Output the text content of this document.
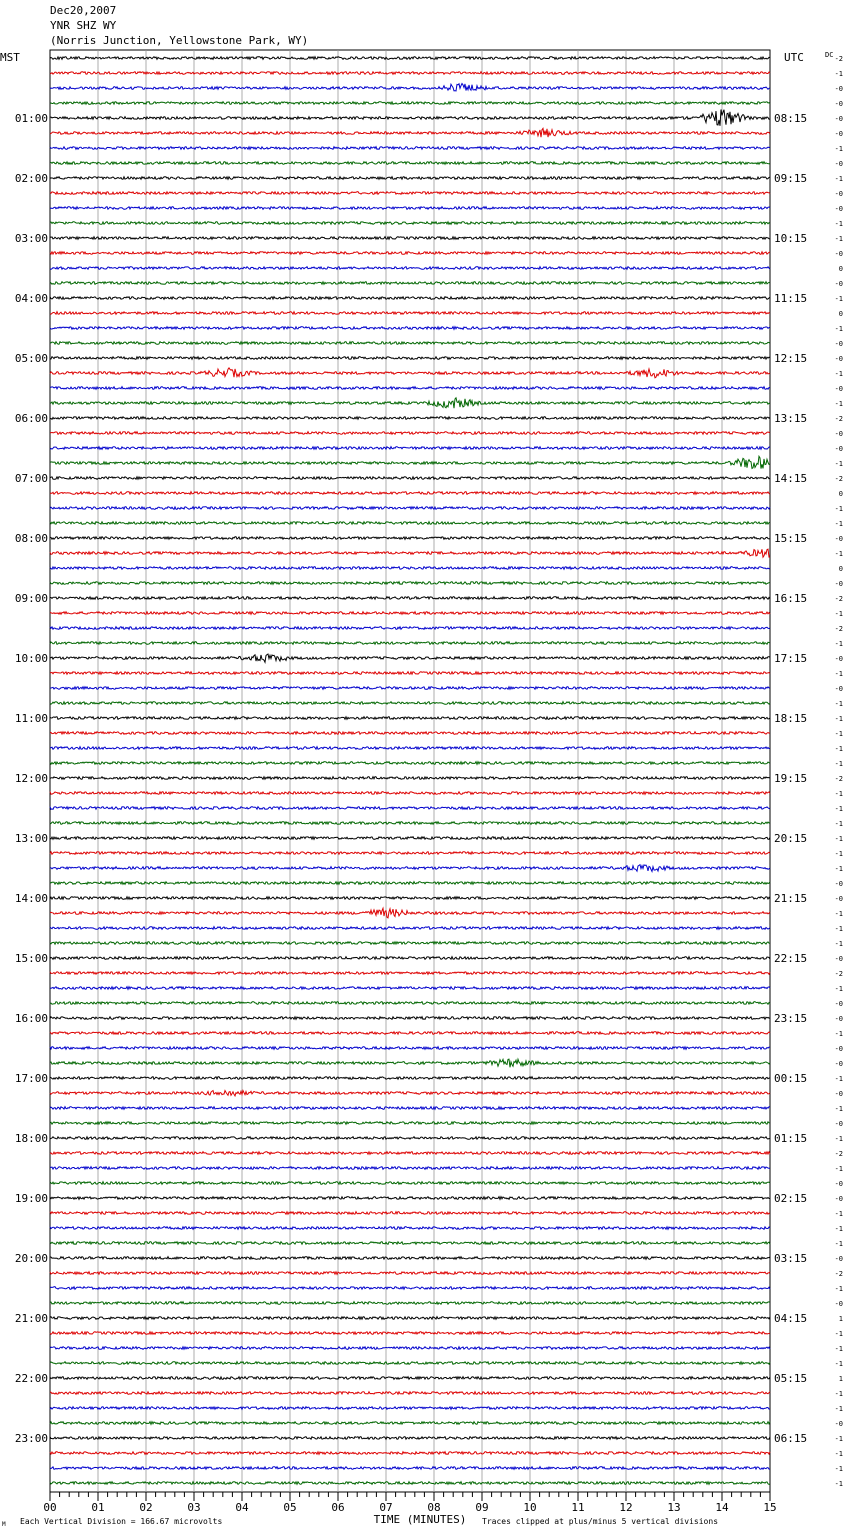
Dec20,2007
YNR SHZ WY
(Norris Junction, Yellowstone Park, WY)
-2
-1
-0
-0
-0
-0
-1
-0
-1
-0
-0
-1
-1
-0
0
-0
-1
0
-1
-0
-0
-1
-0
-1
-2
-0
-0
-1
-2
0
-1
-1
-0
-1
0
-0
-2
-1
-2
-1
-0
-1
-0
-1
-1
-1
-1
-1
-2
-1
-1
-1
-1
-1
-1
-0
-0
-1
-1
-1
-0
-2
-1
-0
-0
-1
-0
-0
-1
-0
-1
-0
-1
-2
-1
-0
-0
-1
-1
-1
-0
-2
-1
-0
1
-1
-1
-1
1
-1
-1
-0
-1
-1
-1
-1
MST	UTC	DC
01:00
02:00
03:00
04:00
05:00
06:00
07:00
08:00
09:00
10:00
11:00
12:00
13:00
14:00
15:00
16:00
17:00
18:00
19:00
20:00
21:00
22:00
23:00
08:15
09:15
10:15
11:15
12:15
13:15
14:15
15:15
16:15
17:15
18:15
19:15
20:15
21:15
22:15
23:15
00:15
01:15
02:15
03:15
04:15
05:15
06:15
00	01	02	03	04	05	06	07	08	09	10	11	12	13	14	15
TIME (MINUTES)
Each Vertical Division = 166.67 microvolts	Traces clipped at plus/minus 5 vertical divisions
M
